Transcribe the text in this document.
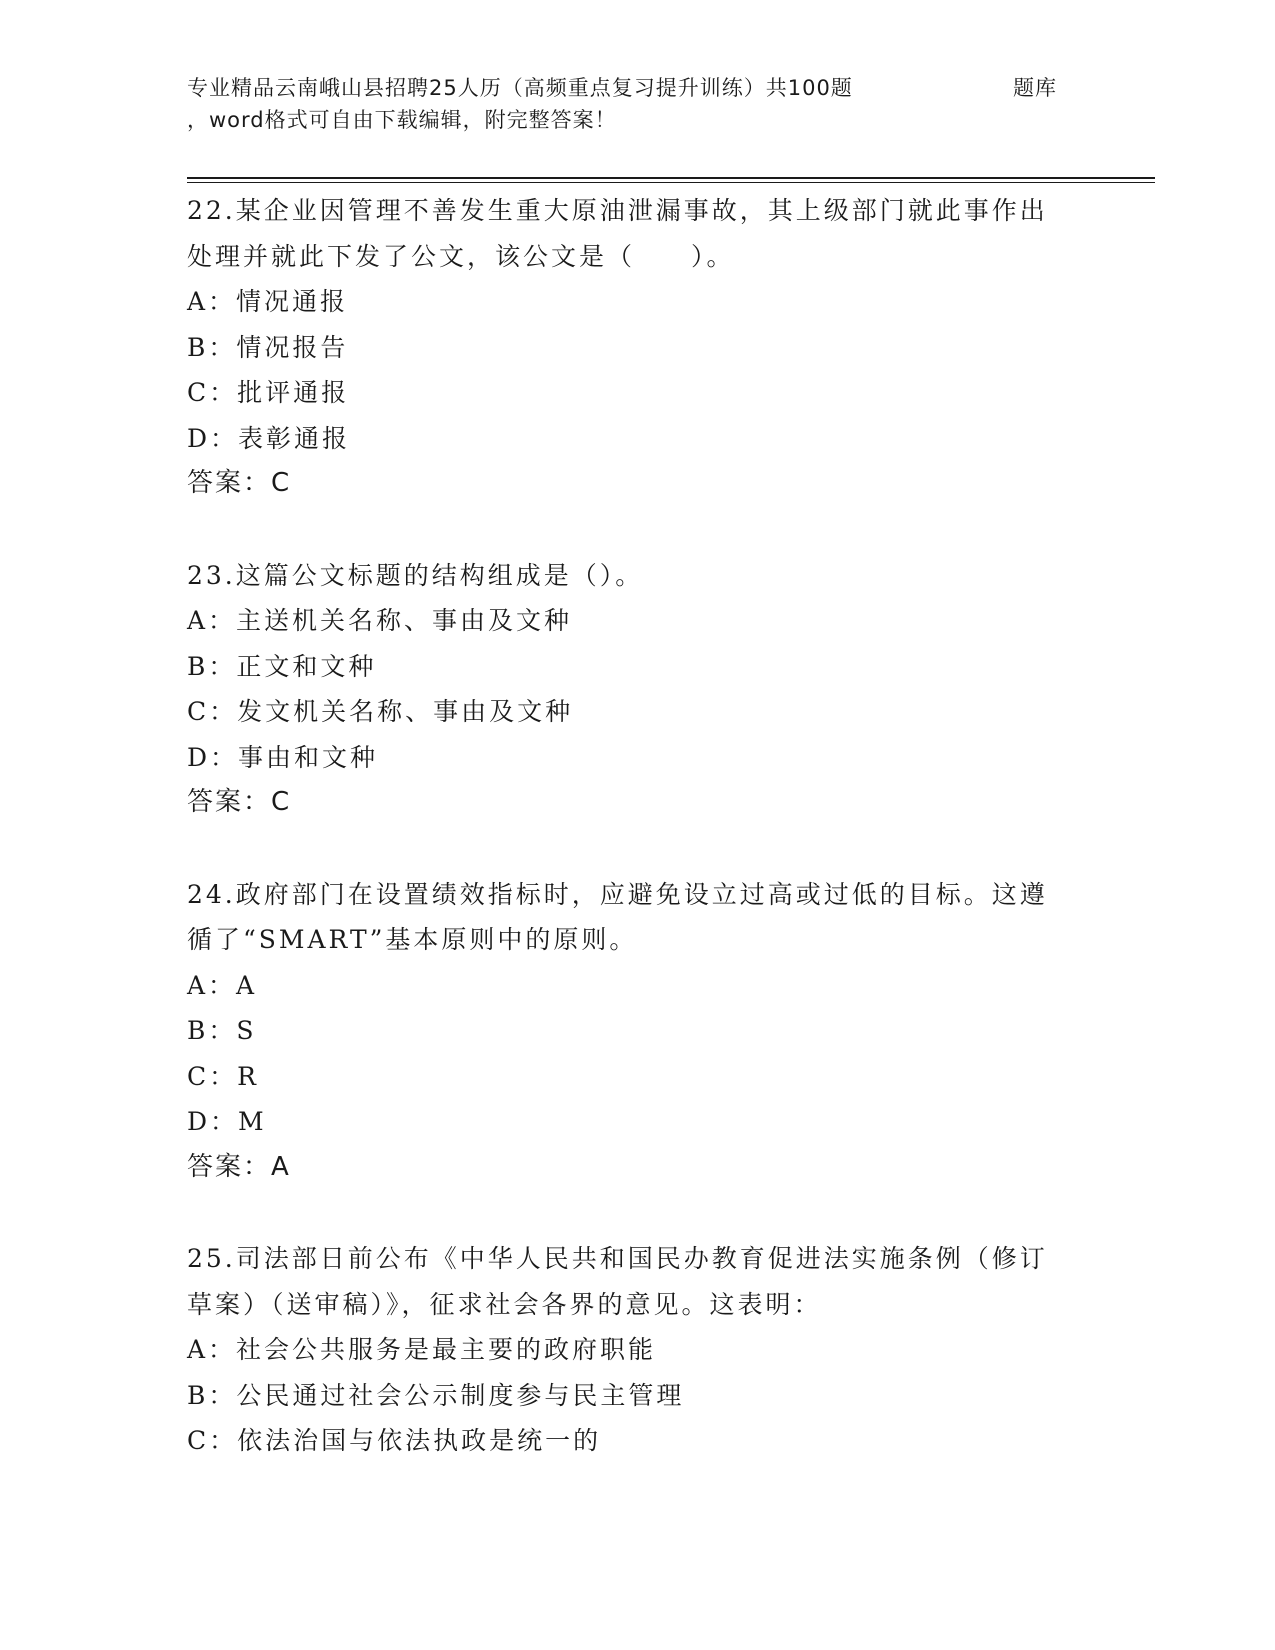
专业精品云南峨山县招聘25人历（高频重点复习提升训练）共100题	题库
，word格式可自由下载编辑，附完整答案！

22.某企业因管理不善发生重大原油泄漏事故，其上级部门就此事作出处理并就此下发了公文，该公文是（　　）。

A：情况通报

B：情况报告

C：批评通报

D：表彰通报

答案：C

23.这篇公文标题的结构组成是（）。

A：主送机关名称、事由及文种

B：正文和文种

C：发文机关名称、事由及文种

D：事由和文种

答案：C

24.政府部门在设置绩效指标时，应避免设立过高或过低的目标。这遵循了“SMART”基本原则中的原则。

A：A

B：S

C：R

D：M

答案：A

25.司法部日前公布《中华人民共和国民办教育促进法实施条例（修订草案）（送审稿）》，征求社会各界的意见。这表明：

A：社会公共服务是最主要的政府职能

B：公民通过社会公示制度参与民主管理

C：依法治国与依法执政是统一的
